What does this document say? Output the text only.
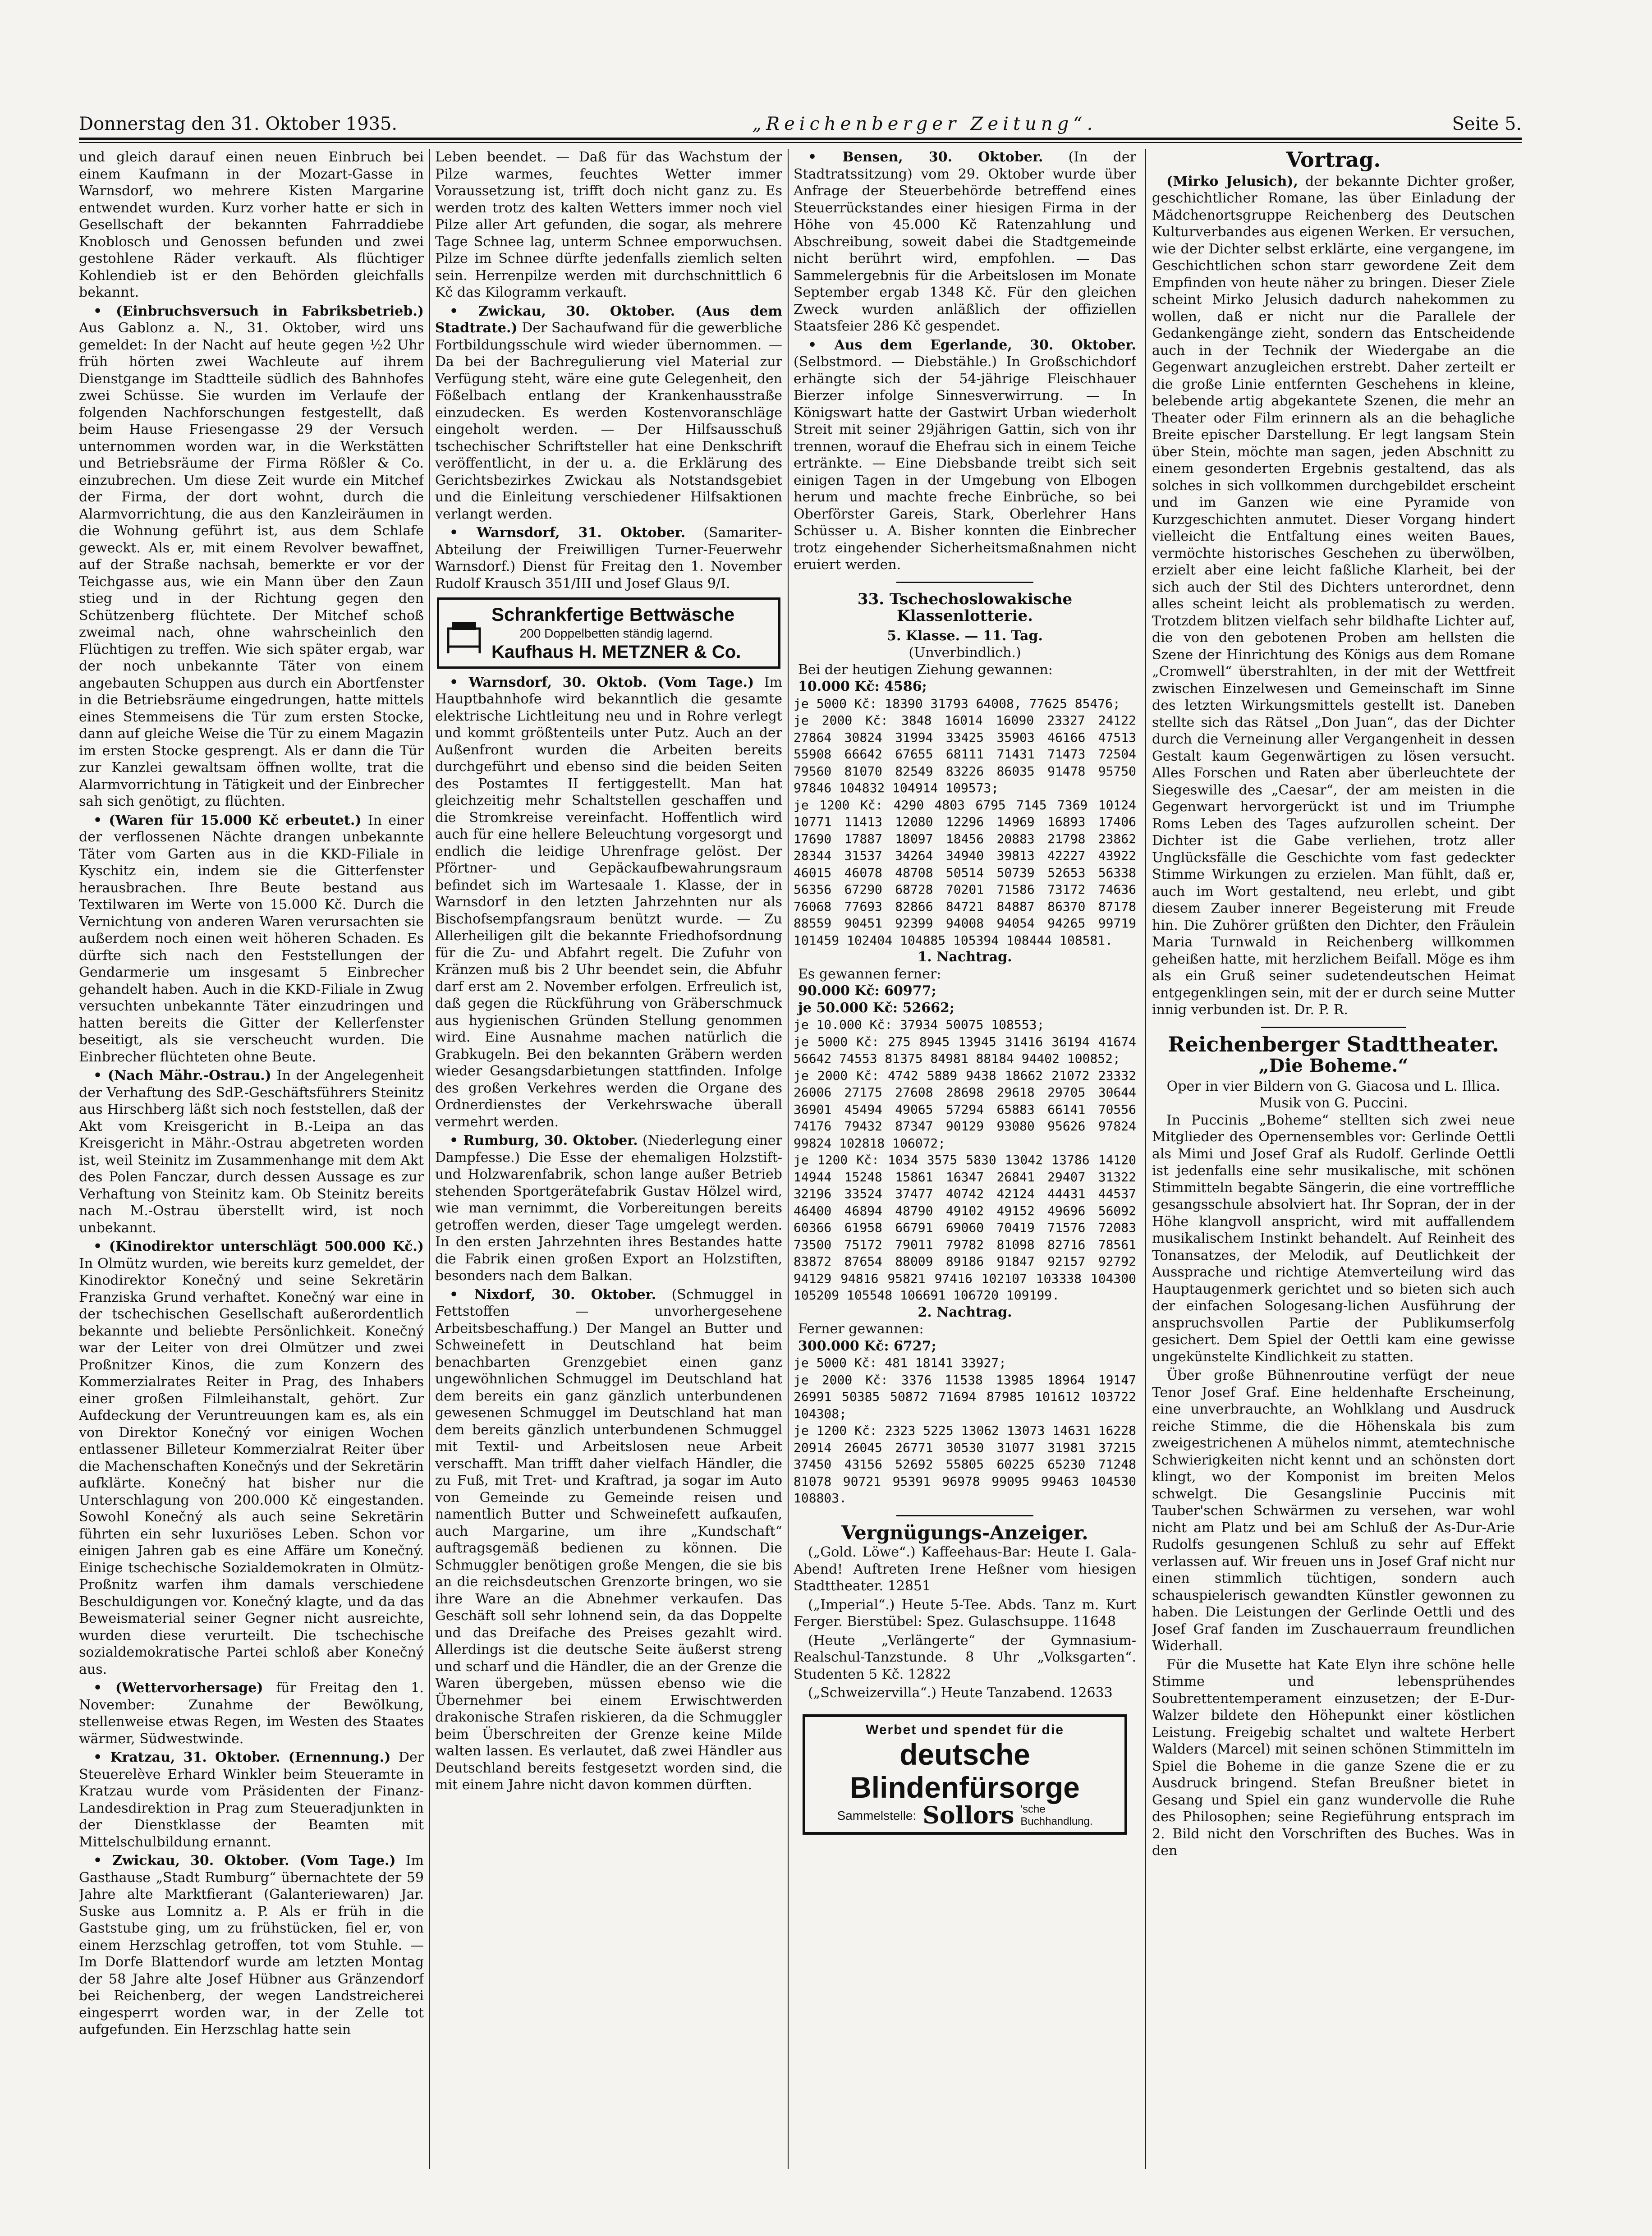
Donnerstag den 31. Oktober 1935.	„Reichenberger Zeitung“.	Seite 5.

und gleich darauf einen neuen Einbruch bei einem Kaufmann in der Mozart-Gasse in Warnsdorf, wo mehrere Kisten Margarine entwendet wurden. Kurz vorher hatte er sich in Gesellschaft der bekannten Fahrraddiebe Knoblosch und Genossen befunden und zwei gestohlene Räder verkauft. Als flüchtiger Kohlendieb ist er den Behörden gleichfalls bekannt.

• (Einbruchsversuch in Fabriksbetrieb.) Aus Gablonz a. N., 31. Oktober, wird uns gemeldet: In der Nacht auf heute gegen ½2 Uhr früh hörten zwei Wachleute auf ihrem Dienstgange im Stadtteile südlich des Bahnhofes zwei Schüsse. Sie wurden im Verlaufe der folgenden Nachforschungen festgestellt, daß beim Hause Friesengasse 29 der Versuch unternommen worden war, in die Werkstätten und Betriebsräume der Firma Rößler & Co. einzubrechen. Um diese Zeit wurde ein Mitchef der Firma, der dort wohnt, durch die Alarmvorrichtung, die aus den Kanzleiräumen in die Wohnung geführt ist, aus dem Schlafe geweckt. Als er, mit einem Revolver bewaffnet, auf der Straße nachsah, bemerkte er vor der Teichgasse aus, wie ein Mann über den Zaun stieg und in der Richtung gegen den Schützenberg flüchtete. Der Mitchef schoß zweimal nach, ohne wahrscheinlich den Flüchtigen zu treffen. Wie sich später ergab, war der noch unbekannte Täter von einem angebauten Schuppen aus durch ein Abortfenster in die Betriebsräume eingedrungen, hatte mittels eines Stemmeisens die Tür zum ersten Stocke, dann auf gleiche Weise die Tür zu einem Magazin im ersten Stocke gesprengt. Als er dann die Tür zur Kanzlei gewaltsam öffnen wollte, trat die Alarmvorrichtung in Tätigkeit und der Einbrecher sah sich genötigt, zu flüchten.

• (Waren für 15.000 Kč erbeutet.) In einer der verflossenen Nächte drangen unbekannte Täter vom Garten aus in die KKD-Filiale in Kyschitz ein, indem sie die Gitterfenster herausbrachen. Ihre Beute bestand aus Textilwaren im Werte von 15.000 Kč. Durch die Vernichtung von anderen Waren verursachten sie außerdem noch einen weit höheren Schaden. Es dürfte sich nach den Feststellungen der Gendarmerie um insgesamt 5 Einbrecher gehandelt haben. Auch in die KKD-Filiale in Zwug versuchten unbekannte Täter einzudringen und hatten bereits die Gitter der Kellerfenster beseitigt, als sie verscheucht wurden. Die Einbrecher flüchteten ohne Beute.

• (Nach Mähr.-Ostrau.) In der Angelegenheit der Verhaftung des SdP.-Geschäftsführers Steinitz aus Hirschberg läßt sich noch feststellen, daß der Akt vom Kreisgericht in B.-Leipa an das Kreisgericht in Mähr.-Ostrau abgetreten worden ist, weil Steinitz im Zusammenhange mit dem Akt des Polen Fanczar, durch dessen Aussage es zur Verhaftung von Steinitz kam. Ob Steinitz bereits nach M.-Ostrau überstellt wird, ist noch unbekannt.

• (Kinodirektor unterschlägt 500.000 Kč.) In Olmütz wurden, wie bereits kurz gemeldet, der Kinodirektor Konečný und seine Sekretärin Franziska Grund verhaftet. Konečný war eine in der tschechischen Gesellschaft außerordentlich bekannte und beliebte Persönlichkeit. Konečný war der Leiter von drei Olmützer und zwei Proßnitzer Kinos, die zum Konzern des Kommerzialrates Reiter in Prag, des Inhabers einer großen Filmleihanstalt, gehört. Zur Aufdeckung der Veruntreuungen kam es, als ein von Direktor Konečný vor einigen Wochen entlassener Billeteur Kommerzialrat Reiter über die Machenschaften Konečnýs und der Sekretärin aufklärte. Konečný hat bisher nur die Unterschlagung von 200.000 Kč eingestanden. Sowohl Konečný als auch seine Sekretärin führten ein sehr luxuriöses Leben. Schon vor einigen Jahren gab es eine Affäre um Konečný. Einige tschechische Sozialdemokraten in Olmütz-Proßnitz warfen ihm damals verschiedene Beschuldigungen vor. Konečný klagte, und da das Beweismaterial seiner Gegner nicht ausreichte, wurden diese verurteilt. Die tschechische sozialdemokratische Partei schloß aber Konečný aus.

• (Wettervorhersage) für Freitag den 1. November: Zunahme der Bewölkung, stellenweise etwas Regen, im Westen des Staates wärmer, Südwestwinde.

• Kratzau, 31. Oktober. (Ernennung.) Der Steuerelève Erhard Winkler beim Steueramte in Kratzau wurde vom Präsidenten der Finanz-Landesdirektion in Prag zum Steueradjunkten in der Dienstklasse der Beamten mit Mittelschulbildung ernannt.

• Zwickau, 30. Oktober. (Vom Tage.) Im Gasthause „Stadt Rumburg“ übernachtete der 59 Jahre alte Marktfierant (Galanteriewaren) Jar. Suske aus Lomnitz a. P. Als er früh in die Gaststube ging, um zu frühstücken, fiel er, von einem Herzschlag getroffen, tot vom Stuhle. — Im Dorfe Blattendorf wurde am letzten Montag der 58 Jahre alte Josef Hübner aus Gränzendorf bei Reichenberg, der wegen Landstreicherei eingesperrt worden war, in der Zelle tot aufgefunden. Ein Herzschlag hatte sein

Leben beendet. — Daß für das Wachstum der Pilze warmes, feuchtes Wetter immer Voraussetzung ist, trifft doch nicht ganz zu. Es werden trotz des kalten Wetters immer noch viel Pilze aller Art gefunden, die sogar, als mehrere Tage Schnee lag, unterm Schnee emporwuchsen. Pilze im Schnee dürfte jedenfalls ziemlich selten sein. Herrenpilze werden mit durchschnittlich 6 Kč das Kilogramm verkauft.

• Zwickau, 30. Oktober. (Aus dem Stadtrate.) Der Sachaufwand für die gewerbliche Fortbildungsschule wird wieder übernommen. — Da bei der Bachregulierung viel Material zur Verfügung steht, wäre eine gute Gelegenheit, den Fößelbach entlang der Krankenhausstraße einzudecken. Es werden Kostenvoranschläge eingeholt werden. — Der Hilfsausschuß tschechischer Schriftsteller hat eine Denkschrift veröffentlicht, in der u. a. die Erklärung des Gerichtsbezirkes Zwickau als Notstandsgebiet und die Einleitung verschiedener Hilfsaktionen verlangt werden.

• Warnsdorf, 31. Oktober. (Samariter-Abteilung der Freiwilligen Turner-Feuerwehr Warnsdorf.) Dienst für Freitag den 1. November Rudolf Krausch 351/III und Josef Glaus 9/I.

Schrankfertige Bettwäsche
200 Doppelbetten ständig lagernd.
Kaufhaus H. METZNER & Co.

• Warnsdorf, 30. Oktob. (Vom Tage.) Im Hauptbahnhofe wird bekanntlich die gesamte elektrische Lichtleitung neu und in Rohre verlegt und kommt größtenteils unter Putz. Auch an der Außenfront wurden die Arbeiten bereits durchgeführt und ebenso sind die beiden Seiten des Postamtes II fertiggestellt. Man hat gleichzeitig mehr Schaltstellen geschaffen und die Stromkreise vereinfacht. Hoffentlich wird auch für eine hellere Beleuchtung vorgesorgt und endlich die leidige Uhrenfrage gelöst. Der Pförtner- und Gepäckaufbewahrungsraum befindet sich im Wartesaale 1. Klasse, der in Warnsdorf in den letzten Jahrzehnten nur als Bischofsempfangsraum benützt wurde. — Zu Allerheiligen gilt die bekannte Friedhofsordnung für die Zu- und Abfahrt regelt. Die Zufuhr von Kränzen muß bis 2 Uhr beendet sein, die Abfuhr darf erst am 2. November erfolgen. Erfreulich ist, daß gegen die Rückführung von Gräberschmuck aus hygienischen Gründen Stellung genommen wird. Eine Ausnahme machen natürlich die Grabkugeln. Bei den bekannten Gräbern werden wieder Gesangsdarbietungen stattfinden. Infolge des großen Verkehres werden die Organe des Ordnerdienstes der Verkehrswache überall vermehrt werden.

• Rumburg, 30. Oktober. (Niederlegung einer Dampfesse.) Die Esse der ehemaligen Holzstift- und Holzwarenfabrik, schon lange außer Betrieb stehenden Sportgerätefabrik Gustav Hölzel wird, wie man vernimmt, die Vorbereitungen bereits getroffen werden, dieser Tage umgelegt werden. In den ersten Jahrzehnten ihres Bestandes hatte die Fabrik einen großen Export an Holzstiften, besonders nach dem Balkan.

• Nixdorf, 30. Oktober. (Schmuggel in Fettstoffen — unvorhergesehene Arbeitsbeschaffung.) Der Mangel an Butter und Schweinefett in Deutschland hat beim benachbarten Grenzgebiet einen ganz ungewöhnlichen Schmuggel im Deutschland hat dem bereits ein ganz gänzlich unterbundenen gewesenen Schmuggel im Deutschland hat man dem bereits gänzlich unterbundenen Schmuggel mit Textil- und Arbeitslosen neue Arbeit verschafft. Man trifft daher vielfach Händler, die zu Fuß, mit Tret- und Kraftrad, ja sogar im Auto von Gemeinde zu Gemeinde reisen und namentlich Butter und Schweinefett aufkaufen, auch Margarine, um ihre „Kundschaft“ auftragsgemäß bedienen zu können. Die Schmuggler benötigen große Mengen, die sie bis an die reichsdeutschen Grenzorte bringen, wo sie ihre Ware an die Abnehmer verkaufen. Das Geschäft soll sehr lohnend sein, da das Doppelte und das Dreifache des Preises gezahlt wird. Allerdings ist die deutsche Seite äußerst streng und scharf und die Händler, die an der Grenze die Waren übergeben, müssen ebenso wie die Übernehmer bei einem Erwischtwerden drakonische Strafen riskieren, da die Schmuggler beim Überschreiten der Grenze keine Milde walten lassen. Es verlautet, daß zwei Händler aus Deutschland bereits festgesetzt worden sind, die mit einem Jahre nicht davon kommen dürften.

• Bensen, 30. Oktober. (In der Stadtratssitzung) vom 29. Oktober wurde über Anfrage der Steuerbehörde betreffend eines Steuerrückstandes einer hiesigen Firma in der Höhe von 45.000 Kč Ratenzahlung und Abschreibung, soweit dabei die Stadtgemeinde nicht berührt wird, empfohlen. — Das Sammelergebnis für die Arbeitslosen im Monate September ergab 1348 Kč. Für den gleichen Zweck wurden anläßlich der offiziellen Staatsfeier 286 Kč gespendet.

• Aus dem Egerlande, 30. Oktober. (Selbstmord. — Diebstähle.) In Großschichdorf erhängte sich der 54-jährige Fleischhauer Bierzer infolge Sinnesverwirrung. — In Königswart hatte der Gastwirt Urban wiederholt Streit mit seiner 29jährigen Gattin, sich von ihr trennen, worauf die Ehefrau sich in einem Teiche ertränkte. — Eine Diebsbande treibt sich seit einigen Tagen in der Umgebung von Elbogen herum und machte freche Einbrüche, so bei Oberförster Gareis, Stark, Oberlehrer Hans Schüsser u. A. Bisher konnten die Einbrecher trotz eingehender Sicherheitsmaßnahmen nicht eruiert werden.

33. Tschechoslowakische Klassenlotterie.
5. Klasse. — 11. Tag.
(Unverbindlich.)
Bei der heutigen Ziehung gewannen:
10.000 Kč: 4586;
je 5000 Kč: 18390 31793 64008, 77625 85476;
je 2000 Kč: 3848 16014 16090 23327 24122 27864 30824 31994 33425 35903 46166 47513 55908 66642 67655 68111 71431 71473 72504 79560 81070 82549 83226 86035 91478 95750 97846 104832 104914 109573;
je 1200 Kč: 4290 4803 6795 7145 7369 10124 10771 11413 12080 12296 14969 16893 17406 17690 17887 18097 18456 20883 21798 23862 28344 31537 34264 34940 39813 42227 43922 46015 46078 48708 50514 50739 52653 56338 56356 67290 68728 70201 71586 73172 74636 76068 77693 82866 84721 84887 86370 87178 88559 90451 92399 94008 94054 94265 99719 101459 102404 104885 105394 108444 108581.
1. Nachtrag.
Es gewannen ferner:
90.000 Kč: 60977;
je 50.000 Kč: 52662;
je 10.000 Kč: 37934 50075 108553;
je 5000 Kč: 275 8945 13945 31416 36194 41674 56642 74553 81375 84981 88184 94402 100852;
je 2000 Kč: 4742 5889 9438 18662 21072 23332 26006 27175 27608 28698 29618 29705 30644 36901 45494 49065 57294 65883 66141 70556 74176 79432 87347 90129 93080 95626 97824 99824 102818 106072;
je 1200 Kč: 1034 3575 5830 13042 13786 14120 14944 15248 15861 16347 26841 29407 31322 32196 33524 37477 40742 42124 44431 44537 46400 46894 48790 49102 49152 49696 56092 60366 61958 66791 69060 70419 71576 72083 73500 75172 79011 79782 81098 82716 78561 83872 87654 88009 89186 91847 92157 92792 94129 94816 95821 97416 102107 103338 104300 105209 105548 106691 106720 109199.
2. Nachtrag.
Ferner gewannen:
300.000 Kč: 6727;
je 5000 Kč: 481 18141 33927;
je 2000 Kč: 3376 11538 13985 18964 19147 26991 50385 50872 71694 87985 101612 103722 104308;
je 1200 Kč: 2323 5225 13062 13073 14631 16228 20914 26045 26771 30530 31077 31981 37215 37450 43156 52692 55805 60225 65230 71248 81078 90721 95391 96978 99095 99463 104530 108803.
Vergnügungs-Anzeiger.

(„Gold. Löwe“.) Kaffeehaus-Bar: Heute I. Gala-Abend! Auftreten Irene Heßner vom hiesigen Stadttheater. 12851

(„Imperial“.) Heute 5-Tee. Abds. Tanz m. Kurt Ferger. Bierstübel: Spez. Gulaschsuppe. 11648

(Heute „Verlängerte“ der Gymnasium-Realschul-Tanzstunde. 8 Uhr „Volksgarten“. Studenten 5 Kč. 12822

(„Schweizervilla“.) Heute Tanzabend. 12633

Werbet und spendet für die
deutsche Blindenfürsorge
Sammelstelle: Sollors 'sche
Buchhandlung.
Vortrag.

(Mirko Jelusich), der bekannte Dichter großer, geschichtlicher Romane, las über Einladung der Mädchenortsgruppe Reichenberg des Deutschen Kulturverbandes aus eigenen Werken. Er versuchen, wie der Dichter selbst erklärte, eine vergangene, im Geschichtlichen schon starr gewordene Zeit dem Empfinden von heute näher zu bringen. Dieser Ziele scheint Mirko Jelusich dadurch nahekommen zu wollen, daß er nicht nur die Parallele der Gedankengänge zieht, sondern das Entscheidende auch in der Technik der Wiedergabe an die Gegenwart anzugleichen erstrebt. Daher zerteilt er die große Linie entfernten Geschehens in kleine, belebende artig abgekantete Szenen, die mehr an Theater oder Film erinnern als an die behagliche Breite epischer Darstellung. Er legt langsam Stein über Stein, möchte man sagen, jeden Abschnitt zu einem gesonderten Ergebnis gestaltend, das als solches in sich vollkommen durchgebildet erscheint und im Ganzen wie eine Pyramide von Kurzgeschichten anmutet. Dieser Vorgang hindert vielleicht die Entfaltung eines weiten Baues, vermöchte historisches Geschehen zu überwölben, erzielt aber eine leicht faßliche Klarheit, bei der sich auch der Stil des Dichters unterordnet, denn alles scheint leicht als problematisch zu werden. Trotzdem blitzen vielfach sehr bildhafte Lichter auf, die von den gebotenen Proben am hellsten die Szene der Hinrichtung des Königs aus dem Romane „Cromwell“ überstrahlten, in der mit der Wettfreit zwischen Einzelwesen und Gemeinschaft im Sinne des letzten Wirkungsmittels gestellt ist. Daneben stellte sich das Rätsel „Don Juan“, das der Dichter durch die Verneinung aller Vergangenheit in dessen Gestalt kaum Gegenwärtigen zu lösen versucht. Alles Forschen und Raten aber überleuchtete der Siegeswille des „Caesar“, der am meisten in die Gegenwart hervorgerückt ist und im Triumphe Roms Leben des Tages aufzurollen scheint. Der Dichter ist die Gabe verliehen, trotz aller Unglücksfälle die Geschichte vom fast gedeckter Stimme Wirkungen zu erzielen. Man fühlt, daß er, auch im Wort gestaltend, neu erlebt, und gibt diesem Zauber innerer Begeisterung mit Freude hin. Die Zuhörer grüßten den Dichter, den Fräulein Maria Turnwald in Reichenberg willkommen geheißen hatte, mit herzlichem Beifall. Möge es ihm als ein Gruß seiner sudetendeutschen Heimat entgegenklingen sein, mit der er durch seine Mutter innig verbunden ist. Dr. P. R.

Reichenberger Stadttheater.
„Die Boheme.“
Oper in vier Bildern von G. Giacosa und L. Illica.
Musik von G. Puccini.

In Puccinis „Boheme“ stellten sich zwei neue Mitglieder des Opernensembles vor: Gerlinde Oettli als Mimi und Josef Graf als Rudolf. Gerlinde Oettli ist jedenfalls eine sehr musikalische, mit schönen Stimmitteln begabte Sängerin, die eine vortreffliche gesangsschule absolviert hat. Ihr Sopran, der in der Höhe klangvoll anspricht, wird mit auffallendem musikalischem Instinkt behandelt. Auf Reinheit des Tonansatzes, der Melodik, auf Deutlichkeit der Aussprache und richtige Atemverteilung wird das Hauptaugenmerk gerichtet und so bieten sich auch der einfachen Sologesang-lichen Ausführung der anspruchsvollen Partie der Publikumserfolg gesichert. Dem Spiel der Oettli kam eine gewisse ungekünstelte Kindlichkeit zu statten.

Über große Bühnenroutine verfügt der neue Tenor Josef Graf. Eine heldenhafte Erscheinung, eine unverbrauchte, an Wohlklang und Ausdruck reiche Stimme, die die Höhenskala bis zum zweigestrichenen A mühelos nimmt, atemtechnische Schwierigkeiten nicht kennt und an schönsten dort klingt, wo der Komponist im breiten Melos schwelgt. Die Gesangslinie Puccinis mit Tauber'schen Schwärmen zu versehen, war wohl nicht am Platz und bei am Schluß der As-Dur-Arie Rudolfs gesungenen Schluß zu sehr auf Effekt verlassen auf. Wir freuen uns in Josef Graf nicht nur einen stimmlich tüchtigen, sondern auch schauspielerisch gewandten Künstler gewonnen zu haben. Die Leistungen der Gerlinde Oettli und des Josef Graf fanden im Zuschauerraum freundlichen Widerhall.

Für die Musette hat Kate Elyn ihre schöne helle Stimme und lebensprühendes Soubrettentemperament einzusetzen; der E-Dur-Walzer bildete den Höhepunkt einer köstlichen Leistung. Freigebig schaltet und waltete Herbert Walders (Marcel) mit seinen schönen Stimmitteln im Spiel die Boheme in die ganze Szene die er zu Ausdruck bringend. Stefan Breußner bietet in Gesang und Spiel ein ganz wundervolle die Ruhe des Philosophen; seine Regieführung entsprach im 2. Bild nicht den Vorschriften des Buches. Was in den
